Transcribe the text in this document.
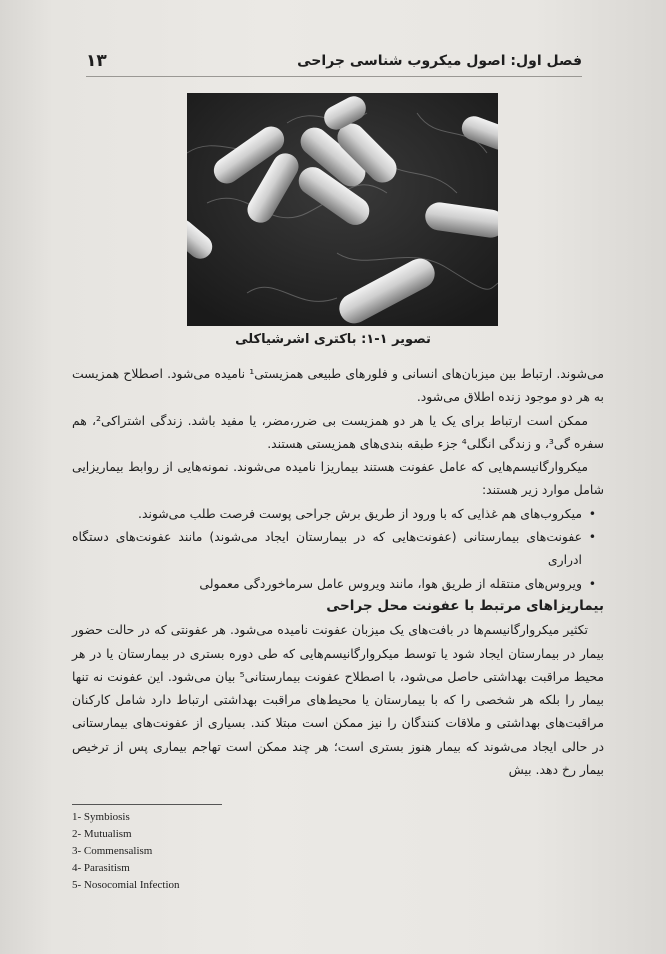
۱۳	فصل اول: اصول میکروب شناسی جراحی
تصویر ۱-۱: باکتری اشرشیاکلی

می‌شوند. ارتباط بین میزبان‌های انسانی و فلورهای طبیعی همزیستی¹ نامیده می‌شود. اصطلاح همزیست به هر دو موجود زنده اطلاق می‌شود.

ممکن است ارتباط برای یک یا هر دو همزیست بی ضرر،مضر، یا مفید باشد. زندگی اشتراکی²، هم سفره گی³، و زندگی انگلی⁴ جزء طبقه بندی‌های همزیستی هستند.

میکروارگانیسم‌هایی که عامل عفونت هستند بیماریزا نامیده می‌شوند. نمونه‌هایی از روابط بیماریزایی شامل موارد زیر هستند:

• میکروب‌های هم غذایی که با ورود از طریق برش جراحی پوست فرصت طلب می‌شوند.
• عفونت‌های بیمارستانی (عفونت‌هایی که در بیمارستان ایجاد می‌شوند) مانند عفونت‌های دستگاه ادراری
• ویروس‌های منتقله از طریق هوا، مانند ویروس عامل سرماخوردگی معمولی

بیماریزاهای مرتبط با عفونت محل جراحی

تکثیر میکروارگانیسم‌ها در بافت‌های یک میزبان عفونت نامیده می‌شود. هر عفونتی که در حالت حضور بیمار در بیمارستان ایجاد شود یا توسط میکروارگانیسم‌هایی که طی دوره بستری در بیمارستان یا در هر محیط مراقبت بهداشتی حاصل می‌شود، با اصطلاح عفونت بیمارستانی⁵ بیان می‌شود. این عفونت نه تنها بیمار را بلکه هر شخصی را که با بیمارستان یا محیط‌های مراقبت بهداشتی ارتباط دارد شامل کارکنان مراقبت‌های بهداشتی و ملاقات کنندگان را نیز ممکن است مبتلا کند. بسیاری از عفونت‌های بیمارستانی در حالی ایجاد می‌شوند که بیمار هنوز بستری است؛ هر چند ممکن است تهاجم بیماری پس از ترخیص بیمار رخ دهد. بیش

1- Symbiosis
2- Mutualism
3- Commensalism
4- Parasitism
5- Nosocomial Infection
